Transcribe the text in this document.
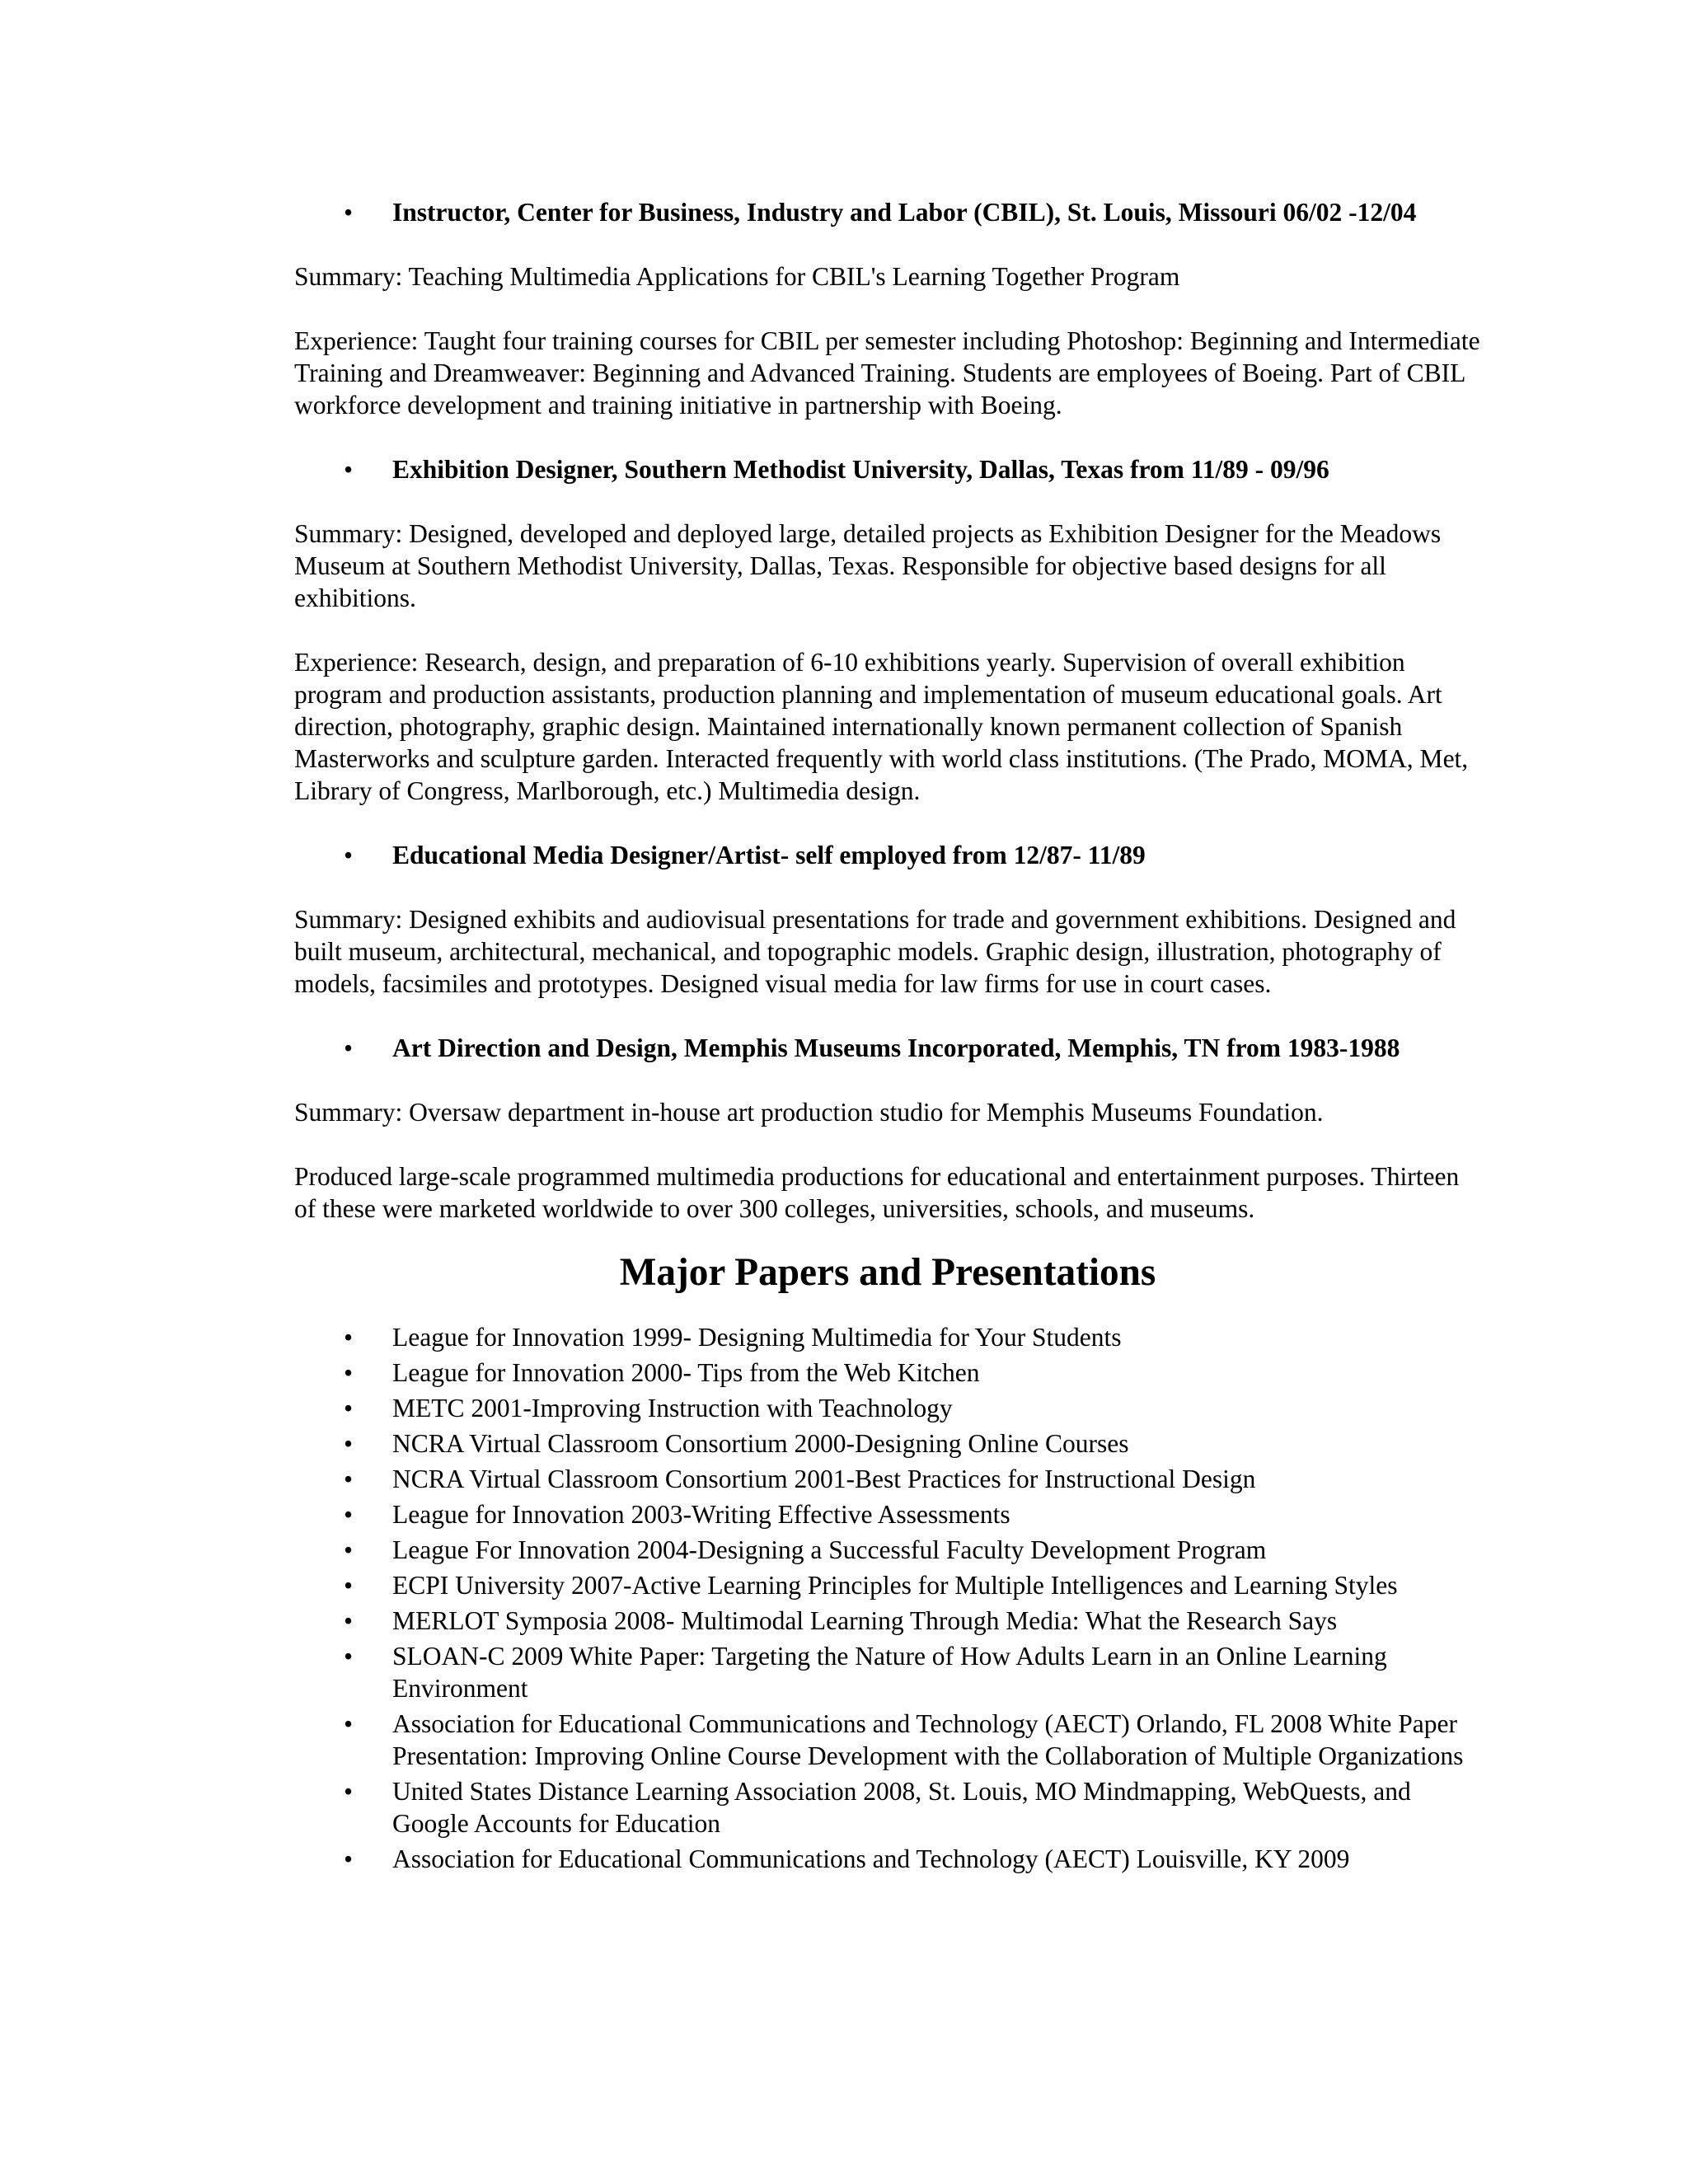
• Instructor, Center for Business, Industry and Labor (CBIL), St. Louis, Missouri 06/02 -12/04

Summary: Teaching Multimedia Applications for CBIL's Learning Together Program

Experience: Taught four training courses for CBIL per semester including Photoshop: Beginning and Intermediate Training and Dreamweaver: Beginning and Advanced Training. Students are employees of Boeing. Part of CBIL workforce development and training initiative in partnership with Boeing.

• Exhibition Designer, Southern Methodist University, Dallas, Texas from 11/89 - 09/96

Summary: Designed, developed and deployed large, detailed projects as Exhibition Designer for the Meadows Museum at Southern Methodist University, Dallas, Texas. Responsible for objective based designs for all exhibitions.

Experience: Research, design, and preparation of 6-10 exhibitions yearly. Supervision of overall exhibition program and production assistants, production planning and implementation of museum educational goals. Art direction, photography, graphic design. Maintained internationally known permanent collection of Spanish Masterworks and sculpture garden. Interacted frequently with world class institutions. (The Prado, MOMA, Met, Library of Congress, Marlborough, etc.) Multimedia design.

• Educational Media Designer/Artist- self employed from 12/87- 11/89

Summary: Designed exhibits and audiovisual presentations for trade and government exhibitions. Designed and built museum, architectural, mechanical, and topographic models. Graphic design, illustration, photography of models, facsimiles and prototypes. Designed visual media for law firms for use in court cases.

• Art Direction and Design, Memphis Museums Incorporated, Memphis, TN from 1983-1988

Summary: Oversaw department in-house art production studio for Memphis Museums Foundation.

Produced large-scale programmed multimedia productions for educational and entertainment purposes. Thirteen of these were marketed worldwide to over 300 colleges, universities, schools, and museums.

Major Papers and Presentations
• League for Innovation 1999- Designing Multimedia for Your Students
• League for Innovation 2000- Tips from the Web Kitchen
• METC 2001-Improving Instruction with Teachnology
• NCRA Virtual Classroom Consortium 2000-Designing Online Courses
• NCRA Virtual Classroom Consortium 2001-Best Practices for Instructional Design
• League for Innovation 2003-Writing Effective Assessments
• League For Innovation 2004-Designing a Successful Faculty Development Program
• ECPI University 2007-Active Learning Principles for Multiple Intelligences and Learning Styles
• MERLOT Symposia 2008- Multimodal Learning Through Media: What the Research Says
• SLOAN-C 2009 White Paper: Targeting the Nature of How Adults Learn in an Online Learning Environment
• Association for Educational Communications and Technology (AECT) Orlando, FL 2008 White Paper Presentation: Improving Online Course Development with the Collaboration of Multiple Organizations
• United States Distance Learning Association 2008, St. Louis, MO Mindmapping, WebQuests, and Google Accounts for Education
• Association for Educational Communications and Technology (AECT) Louisville, KY 2009
